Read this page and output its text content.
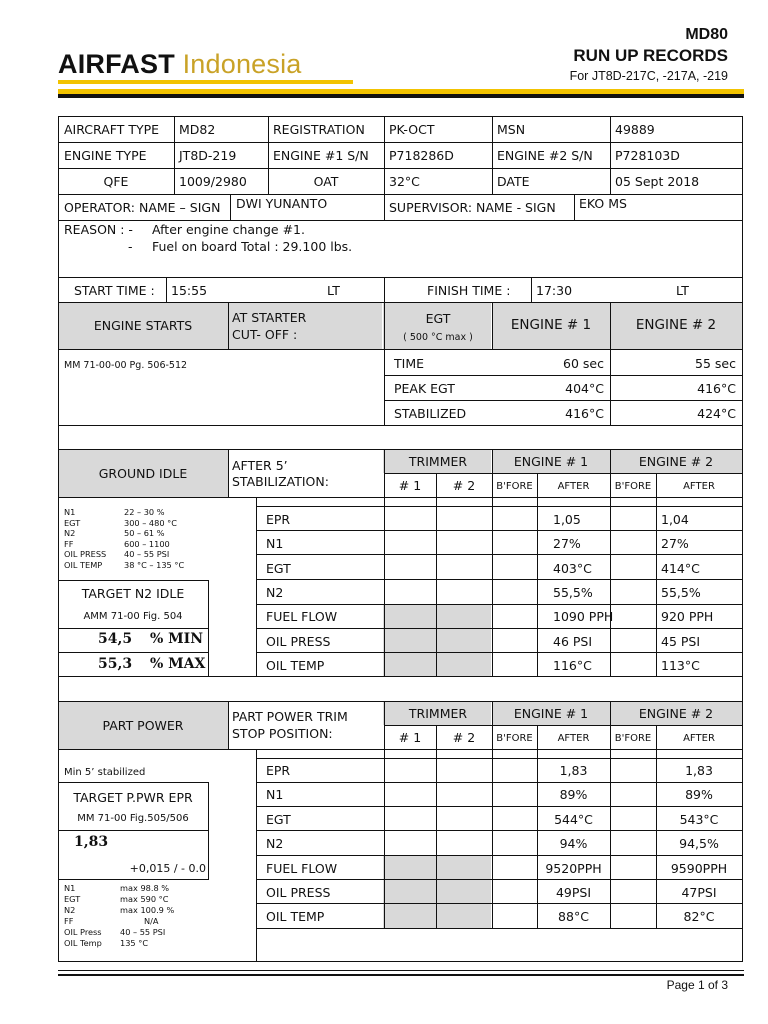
AIRFAST Indonesia
MD80
RUN UP RECORDS
For JT8D-217C, -217A, -219
AIRCRAFT TYPE MD82	REGISTRATION PK-OCT	MSN	49889
ENGINE TYPE	JT8D-219	ENGINE #1 S/N P718286D	ENGINE #2 S/N P728103D
QFE	1009/2980	OAT	32°C	DATE	05 Sept 2018
OPERATOR: NAME – SIGN DWI YUNANTO	SUPERVISOR: NAME - SIGN EKO MS
REASON : - After engine change #1.
- Fuel on board Total : 29.100 lbs.
START TIME : 15:55	LT	FINISH TIME : 17:30	LT
ENGINE STARTS
AT STARTER
CUT- OFF :
EGT
( 500 °C max )
ENGINE # 1	ENGINE # 2
MM 71-00-00 Pg. 506-512	TIME	60 sec	55 sec
PEAK EGT	404°C	416°C
STABILIZED	416°C	424°C
GROUND IDLE
AFTER 5’
STABILIZATION:
TRIMMER	ENGINE # 1	ENGINE # 2
# 1	# 2	B'FORE	AFTER	B'FORE	AFTER
N1	22 – 30 %
EGT	300 – 480 °C
N2	50 – 61 %
FF	600 – 1100
OIL PRESS 40 – 55 PSI
OIL TEMP	38 °C – 135 °C
TARGET N2 IDLE
AMM 71-00 Fig. 504
54,5 % MIN
55,3 % MAX
EPR	1,05	1,04
N1	27%	27%
EGT	403°C	414°C
N2	55,5%	55,5%
FUEL FLOW	1090 PPH	920 PPH
OIL PRESS	46 PSI	45 PSI
OIL TEMP	116°C	113°C
PART POWER
PART POWER TRIM
STOP POSITION:
TRIMMER	ENGINE # 1	ENGINE # 2
# 1	# 2	B'FORE	AFTER	B'FORE	AFTER
Min 5’ stabilized
TARGET P.PWR EPR
MM 71-00 Fig.505/506
1,83
+0,015 / - 0.0
N1	max 98.8 %
EGT	max 590 °C
N2	max 100.9 %
FF	N/A
OIL Press 40 – 55 PSI
OIL Temp 135 °C
EPR	1,83	1,83
N1	89%	89%
EGT	544°C	543°C
N2	94%	94,5%
FUEL FLOW	9520PPH	9590PPH
OIL PRESS	49PSI	47PSI
OIL TEMP	88°C	82°C
Page 1 of 3
